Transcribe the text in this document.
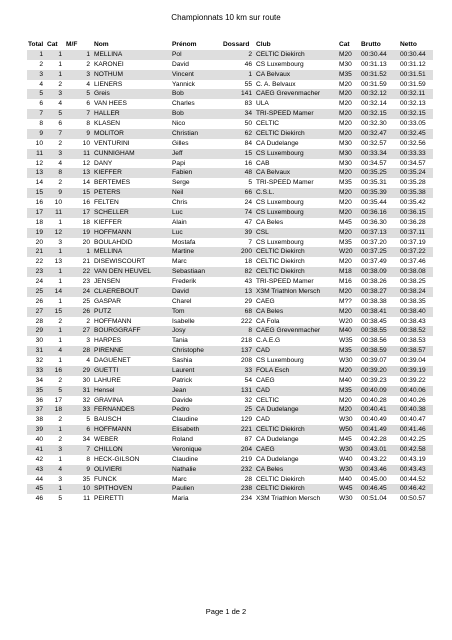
Championnats 10 km sur route
Total	Cat	M/F	Nom	Prénom	Dossard	Club	Cat	Brutto	Netto
1	1	1	MELLINA	Pol	2	CELTIC Diekirch	M20	00:30.44	00:30.44
2	1	2	KARONEI	David	46	CS Luxembourg	M30	00:31.13	00:31.12
3	1	3	NOTHUM	Vincent	1	CA Belvaux	M35	00:31.52	00:31.51
4	2	4	LIENERS	Yannick	55	C. A. Belvaux	M20	00:31.59	00:31.59
5	3	5	Greis	Bob	141	CAEG Grevenmacher	M20	00:32.12	00:32.11
6	4	6	VAN HEES	Charles	83	ULA	M20	00:32.14	00:32.13
7	5	7	HALLER	Bob	34	TRI-SPEED Mamer	M20	00:32.15	00:32.15
8	6	8	KLASEN	Nico	50	CELTIC	M20	00:32.30	00:33.05
9	7	9	MOLITOR	Christian	62	CELTIC Diekirch	M20	00:32.47	00:32.45
10	2	10	VENTURINI	Gilles	84	CA Dudelange	M30	00:32.57	00:32.56
11	3	11	CUNNIGHAM	Jeff	15	CS Luxembourg	M30	00:33.34	00:33.33
12	4	12	DANY	Papi	16	CAB	M30	00:34.57	00:34.57
13	8	13	KIEFFER	Fabien	48	CA Belvaux	M20	00:35.25	00:35.24
14	2	14	BERTEMES	Serge	5	TRI-SPEED Mamer	M35	00:35.31	00:35.28
15	9	15	PETERS	Neil	66	C.S.L.	M20	00:35.39	00:35.38
16	10	16	FELTEN	Chris	24	CS Luxembourg	M20	00:35.44	00:35.42
17	11	17	SCHELLER	Luc	74	CS Luxembourg	M20	00:36.16	00:36.15
18	1	18	KIEFFER	Alain	47	CA Beles	M45	00:36.30	00:36.28
19	12	19	HOFFMANN	Luc	39	CSL	M20	00:37.13	00:37.11
20	3	20	BOULAHDID	Mostafa	7	CS Luxembourg	M35	00:37.20	00:37.19
21	1	1	MELLINA	Martine	200	CELTIC Diekirch	W20	00:37.25	00:37.22
22	13	21	DISEWISCOURT	Marc	18	CELTIC Diekirch	M20	00:37.49	00:37.46
23	1	22	VAN DEN HEUVEL	Sebastiaan	82	CELTIC Diekirch	M18	00:38.09	00:38.08
24	1	23	JENSEN	Frederik	43	TRI-SPEED Mamer	M16	00:38.26	00:38.25
25	14	24	CLAEREBOUT	David	13	X3M Triathlon Mersch	M20	00:38.27	00:38.24
26	1	25	GASPAR	Charel	29	CAEG	M??	00:38.38	00:38.35
27	15	26	PUTZ	Tom	68	CA Beles	M20	00:38.41	00:38.40
28	2	2	HOFFMANN	Isabelle	222	CA Fola	W20	00:38.45	00:38.43
29	1	27	BOURGGRAFF	Josy	8	CAEG Grevenmacher	M40	00:38.55	00:38.52
30	1	3	HARPES	Tania	218	C.A.E.G	W35	00:38.56	00:38.53
31	4	28	PIRENNE	Christophe	137	CAD	M35	00:38.59	00:38.57
32	1	4	DAGUENET	Sashia	208	CS Luxembourg	W30	00:39.07	00:39.04
33	16	29	GUETTI	Laurent	33	FOLA Esch	M20	00:39.20	00:39.19
34	2	30	LAHURE	Patrick	54	CAEG	M40	00:39.23	00:39.22
35	5	31	Hensel	Jean	131	CAD	M35	00:40.09	00:40.06
36	17	32	GRAVINA	Davide	32	CELTIC	M20	00:40.28	00:40.26
37	18	33	FERNANDES	Pedro	25	CA Dudelange	M20	00:40.41	00:40.38
38	2	5	BAUSCH	Claudine	129	CAD	W30	00:40.49	00:40.47
39	1	6	HOFFMANN	Elisabeth	221	CELTIC Diekirch	W50	00:41.49	00:41.46
40	2	34	WEBER	Roland	87	CA Dudelange	M45	00:42.28	00:42.25
41	3	7	CHILLON	Veronique	204	CAEG	W30	00:43.01	00:42.58
42	1	8	HECK-GILSON	Claudine	219	CA Dudelange	W40	00:43.22	00:43.19
43	4	9	OLIVIERI	Nathalie	232	CA Beles	W30	00:43.46	00:43.43
44	3	35	FUNCK	Marc	28	CELTIC Diekirch	M40	00:45.00	00:44.52
45	1	10	SPITHOVEN	Paulien	238	CELTIC Diekirch	W45	00:46.45	00:46.42
46	5	11	PEIRETTI	Maria	234	X3M Triathlon Mersch	W30	00:51.04	00:50.57
Page 1 de 2
